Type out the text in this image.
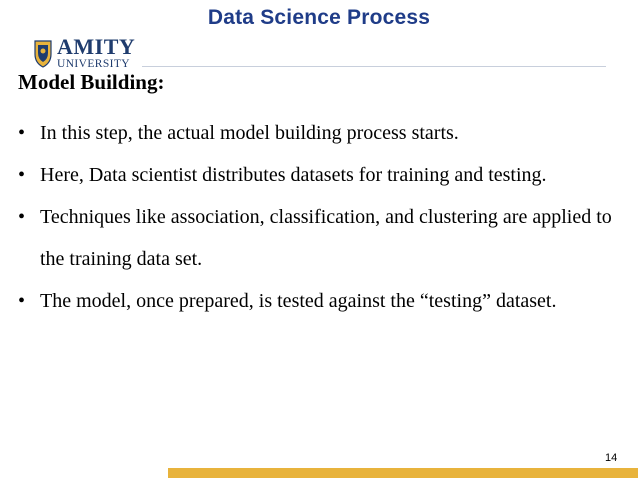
Data Science Process
AMITY
UNIVERSITY
Model Building:
• In this step, the actual model building process starts.
• Here, Data scientist distributes datasets for training and testing.
• Techniques like association, classification, and clustering are applied to the training data set.
• The model, once prepared, is tested against the “testing” dataset.
14
